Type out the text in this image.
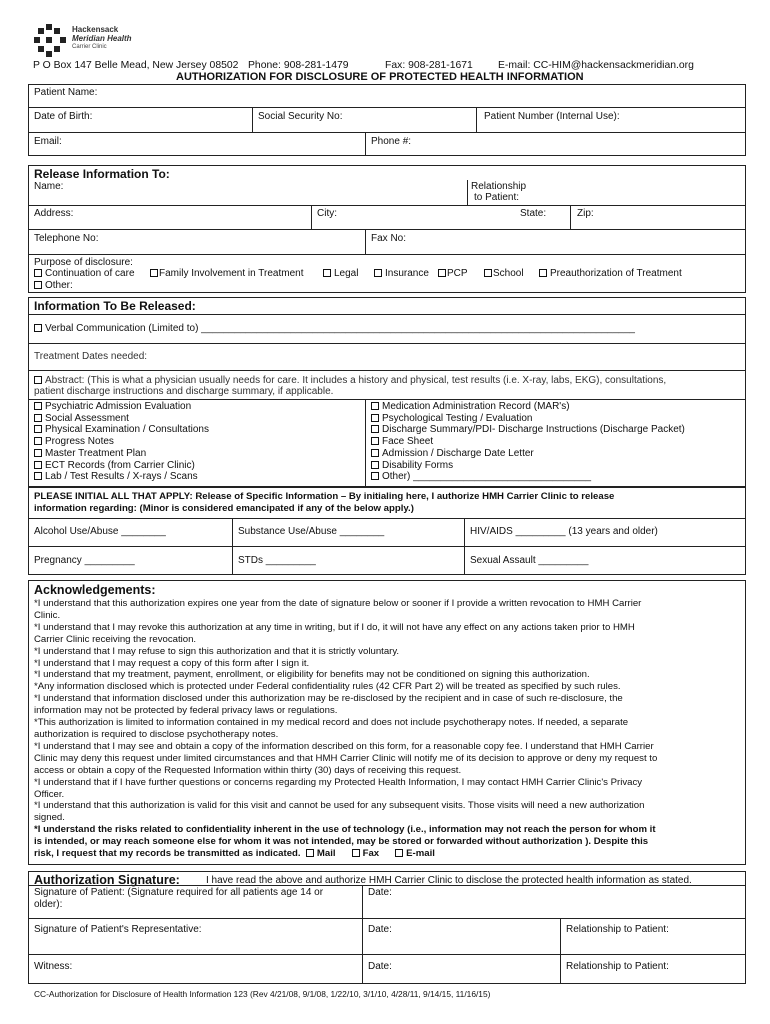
Hackensack
Meridian Health
Carrier Clinic
P O Box 147 Belle Mead, New Jersey 08502 Phone: 908-281-1479	Fax: 908-281-1671 E-mail: CC-HIM@hackensackmeridian.org
AUTHORIZATION FOR DISCLOSURE OF PROTECTED HEALTH INFORMATION
Patient Name:
Date of Birth:	Social Security No:	Patient Number (Internal Use):
Email:	Phone #:
Release Information To:
Name:	Relationship
to Patient:
Address:	City:	State:	Zip:
Telephone No:	Fax No:
Purpose of disclosure:
Continuation of care	Family Involvement in Treatment	Legal	Insurance	PCP	School	Preauthorization of Treatment
Other:
Information To Be Released:
Verbal Communication (Limited to) ______________________________________________________________________________
Treatment Dates needed:
Abstract: (This is what a physician usually needs for care. It includes a history and physical, test results (i.e. X-ray, labs, EKG), consultations,
patient discharge instructions and discharge summary, if applicable.
Psychiatric Admission Evaluation
Social Assessment
Physical Examination / Consultations
Progress Notes
Master Treatment Plan
ECT Records (from Carrier Clinic)
Lab / Test Results / X-rays / Scans
Medication Administration Record (MAR's)
Psychological Testing / Evaluation
Discharge Summary/PDI- Discharge Instructions (Discharge Packet)
Face Sheet
Admission / Discharge Date Letter
Disability Forms
Other) ________________________________
PLEASE INITIAL ALL THAT APPLY: Release of Specific Information – By initialing here, I authorize HMH Carrier Clinic to release
information regarding: (Minor is considered emancipated if any of the below apply.)
Alcohol Use/Abuse ________	Substance Use/Abuse ________	HIV/AIDS _________ (13 years and older)
Pregnancy _________	STDs _________	Sexual Assault _________
Acknowledgements:
*I understand that this authorization expires one year from the date of signature below or sooner if I provide a written revocation to HMH Carrier
Clinic.
*I understand that I may revoke this authorization at any time in writing, but if I do, it will not have any effect on any actions taken prior to HMH
Carrier Clinic receiving the revocation.
*I understand that I may refuse to sign this authorization and that it is strictly voluntary.
*I understand that I may request a copy of this form after I sign it.
*I understand that my treatment, payment, enrollment, or eligibility for benefits may not be conditioned on signing this authorization.
*Any information disclosed which is protected under Federal confidentiality rules (42 CFR Part 2) will be treated as specified by such rules.
*I understand that information disclosed under this authorization may be re-disclosed by the recipient and in case of such re-disclosure, the
information may not be protected by federal privacy laws or regulations.
*This authorization is limited to information contained in my medical record and does not include psychotherapy notes. If needed, a separate
authorization is required to disclose psychotherapy notes.
*I understand that I may see and obtain a copy of the information described on this form, for a reasonable copy fee. I understand that HMH Carrier
Clinic may deny this request under limited circumstances and that HMH Carrier Clinic will notify me of its decision to approve or deny my request to
access or obtain a copy of the Requested Information within thirty (30) days of receiving this request.
*I understand that if I have further questions or concerns regarding my Protected Health Information, I may contact HMH Carrier Clinic's Privacy
Officer.
*I understand that this authorization is valid for this visit and cannot be used for any subsequent visits. Those visits will need a new authorization
signed.
*I understand the risks related to confidentiality inherent in the use of technology (i.e., information may not reach the person for whom it
is intended, or may reach someone else for whom it was not intended, may be stored or forwarded without authorization ). Despite this
risk, I request that my records be transmitted as indicated. Mail	Fax	E-mail
Authorization Signature:	I have read the above and authorize HMH Carrier Clinic to disclose the protected health information as stated.
Signature of Patient: (Signature required for all patients age 14 or
older):
Date:
Signature of Patient's Representative:	Date:	Relationship to Patient:
Witness:	Date:	Relationship to Patient:
CC-Authorization for Disclosure of Health Information 123 (Rev 4/21/08, 9/1/08, 1/22/10, 3/1/10, 4/28/11, 9/14/15, 11/16/15)
